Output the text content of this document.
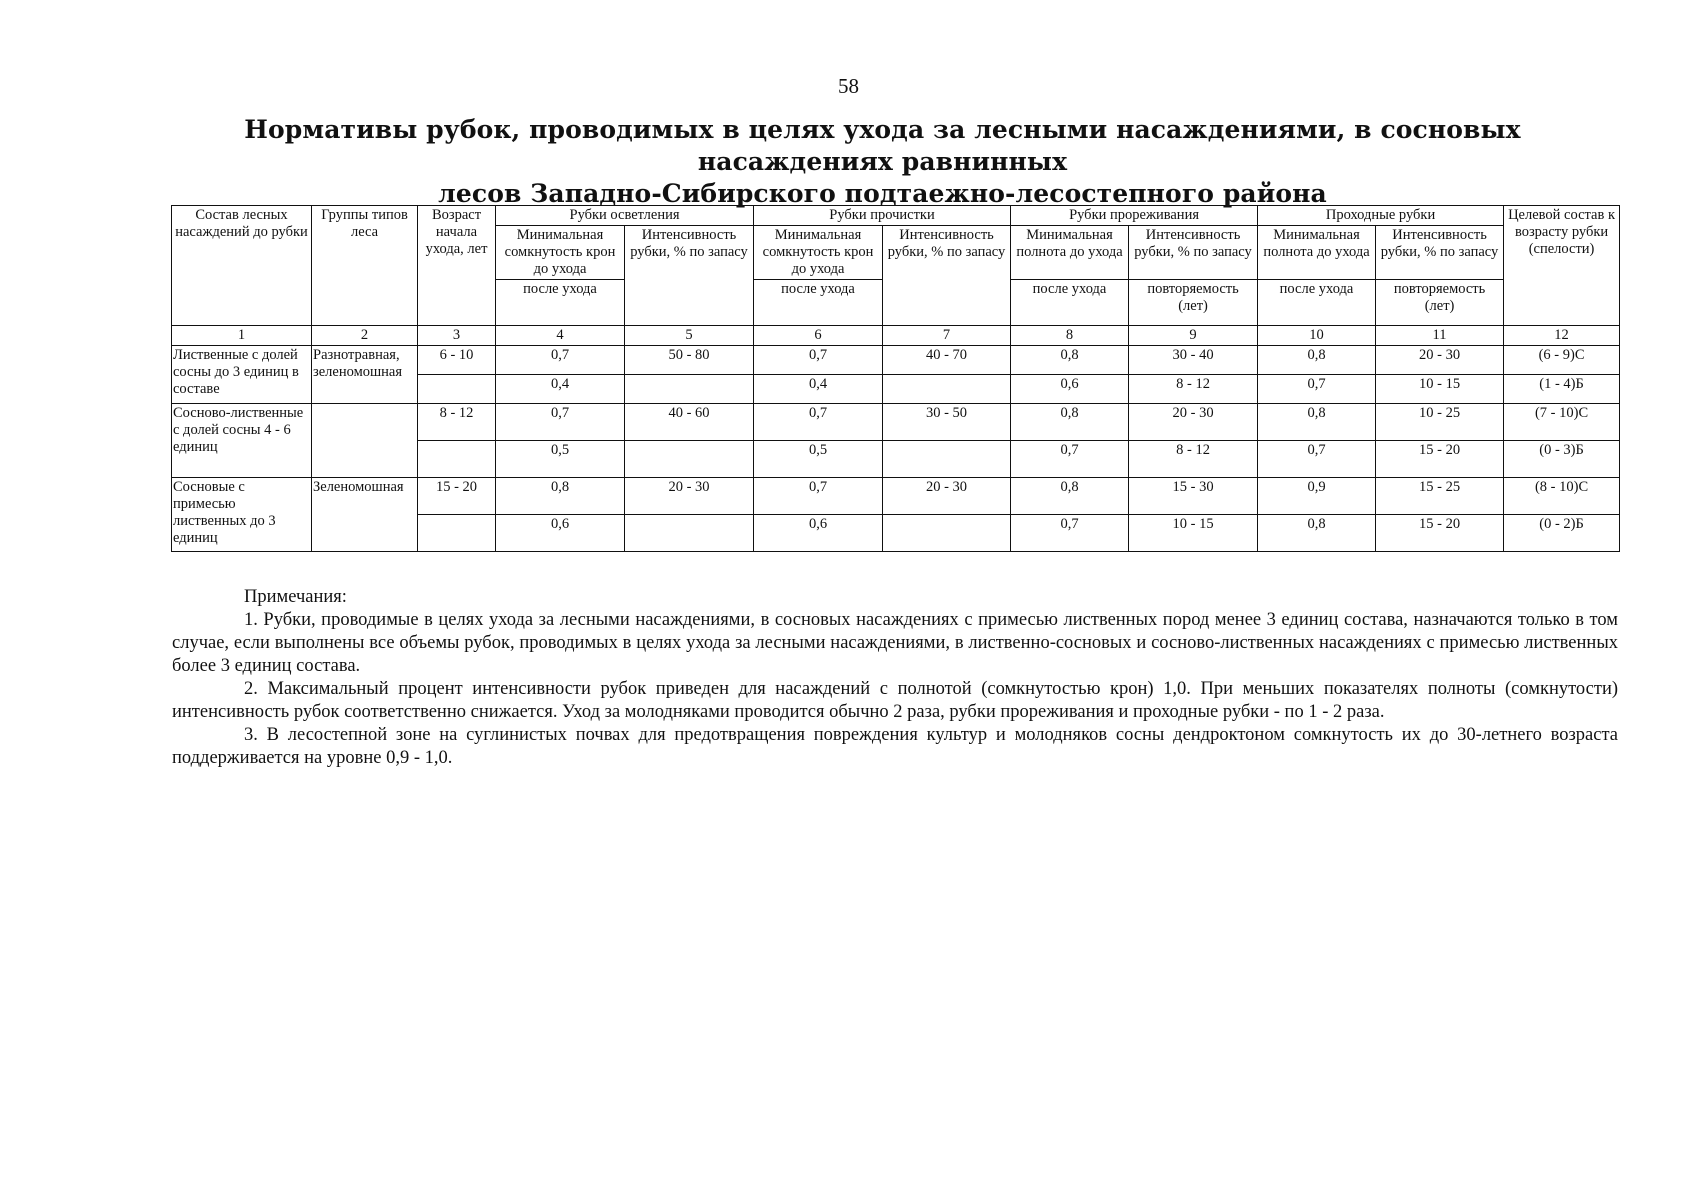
58
Нормативы рубок, проводимых в целях ухода за лесными насаждениями, в сосновых насаждениях равнинных
лесов Западно-Сибирского подтаежно-лесостепного района
Состав лесных насаждений до рубки	Группы типов леса	Возраст начала ухода, лет	Рубки осветления		Рубки прочистки		Рубки прореживания		Проходные рубки		Целевой состав к возрасту рубки (спелости)
			Минимальная сомкнутость крон до ухода	Интенсивность рубки, % по запасу	Минимальная сомкнутость крон до ухода	Интенсивность рубки, % по запасу	Минимальная полнота до ухода	Интенсивность рубки, % по запасу	Минимальная полнота до ухода	Интенсивность рубки, % по запасу	
			после ухода		после ухода		после ухода	повторяемость (лет)	после ухода	повторяемость (лет)	
1	2	3	4	5	6	7	8	9	10	11	12
Лиственные с долей сосны до 3 единиц в составе	Разнотравная, зеленомошная	6 - 10	0,7	50 - 80	0,7	40 - 70	0,8	30 - 40	0,8	20 - 30	(6 - 9)С
			0,4		0,4		0,6	8 - 12	0,7	10 - 15	(1 - 4)Б
Сосново-лиственные с долей сосны 4 - 6 единиц		8 - 12	0,7	40 - 60	0,7	30 - 50	0,8	20 - 30	0,8	10 - 25	(7 - 10)С
			0,5		0,5		0,7	8 - 12	0,7	15 - 20	(0 - 3)Б
Сосновые с примесью лиственных до 3 единиц	Зеленомошная	15 - 20	0,8	20 - 30	0,7	20 - 30	0,8	15 - 30	0,9	15 - 25	(8 - 10)С
			0,6		0,6		0,7	10 - 15	0,8	15 - 20	(0 - 2)Б

Примечания:

1. Рубки, проводимые в целях ухода за лесными насаждениями, в сосновых насаждениях с примесью лиственных пород менее 3 единиц состава, назначаются только в том случае, если выполнены все объемы рубок, проводимых в целях ухода за лесными насаждениями, в лиственно-сосновых и сосново-лиственных насаждениях с примесью лиственных более 3 единиц состава.

2. Максимальный процент интенсивности рубок приведен для насаждений с полнотой (сомкнутостью крон) 1,0. При меньших показателях полноты (сомкнутости) интенсивность рубок соответственно снижается. Уход за молодняками проводится обычно 2 раза, рубки прореживания и проходные рубки - по 1 - 2 раза.

3. В лесостепной зоне на суглинистых почвах для предотвращения повреждения культур и молодняков сосны дендроктоном сомкнутость их до 30-летнего возраста поддерживается на уровне 0,9 - 1,0.
